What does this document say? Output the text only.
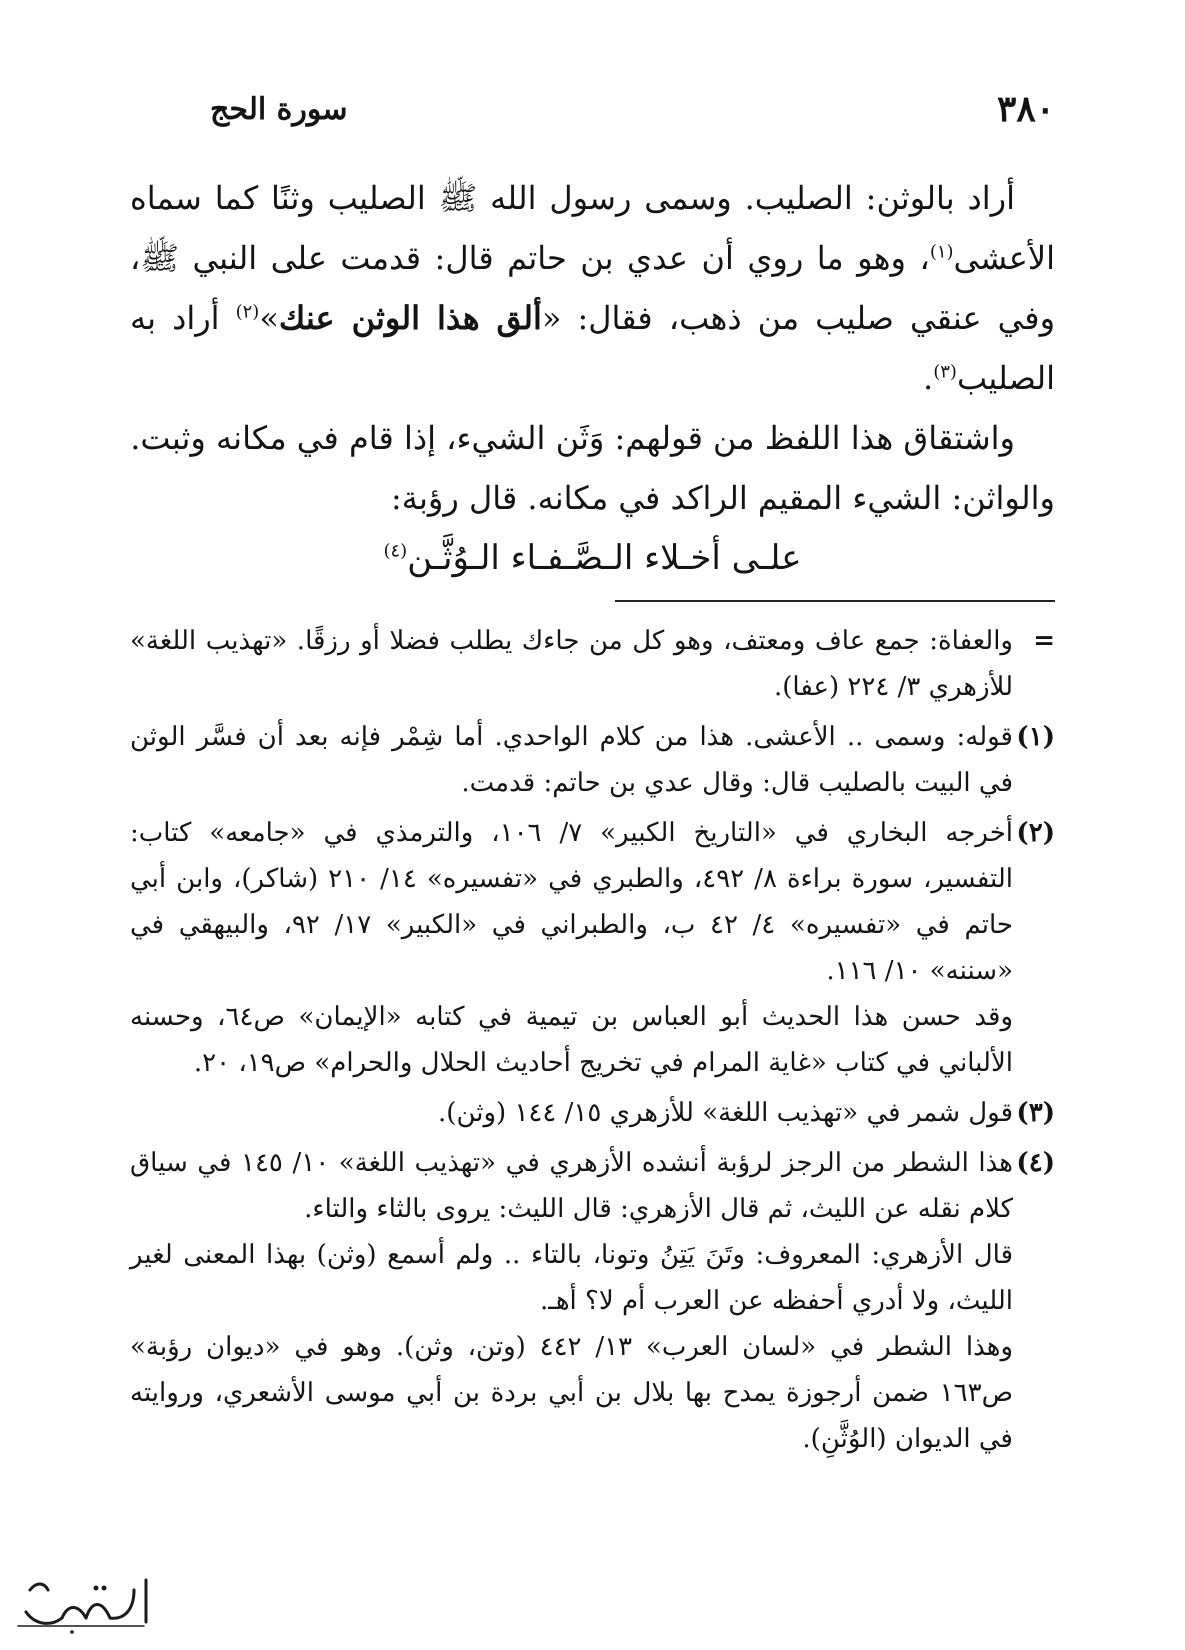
٣٨٠
سورة الحج

أراد بالوثن: الصليب. وسمى رسول الله ﷺ الصليب وثنًا كما سماه الأعشى$^{(١)}$، وهو ما روي أن عدي بن حاتم قال: قدمت على النبي ﷺ، وفي عنقي صليب من ذهب، فقال: «ألق هذا الوثن عنك»$^{(٢)}$ أراد به الصليب$^{(٣)}$.

واشتقاق هذا اللفظ من قولهم: وَثَن الشيء، إذا قام في مكانه وثبت.

والواثن: الشيء المقيم الراكد في مكانه. قال رؤبة:

علـى أخـلاء الـصَّـفـاء الـوُثَّـن$^{(٤)}$

=
والعفاة: جمع عاف ومعتف، وهو كل من جاءك يطلب فضلا أو رزقًا. «تهذيب اللغة» للأزهري ٣/ ٢٢٤ (عفا).
(١)
قوله: وسمى .. الأعشى. هذا من كلام الواحدي. أما شِمْر فإنه بعد أن فسَّر الوثن في البيت بالصليب قال: وقال عدي بن حاتم: قدمت.
(٢)

أخرجه البخاري في «التاريخ الكبير» ٧/ ١٠٦، والترمذي في «جامعه» كتاب: التفسير، سورة براءة ٨/ ٤٩٢، والطبري في «تفسيره» ١٤/ ٢١٠ (شاكر)، وابن أبي حاتم في «تفسيره» ٤/ ٤٢ ب، والطبراني في «الكبير» ١٧/ ٩٢، والبيهقي في «سننه» ١٠/ ١١٦.

وقد حسن هذا الحديث أبو العباس بن تيمية في كتابه «الإيمان» ص٦٤، وحسنه الألباني في كتاب «غاية المرام في تخريج أحاديث الحلال والحرام» ص١٩، ٢٠.

(٣)
قول شمر في «تهذيب اللغة» للأزهري ١٥/ ١٤٤ (وثن).
(٤)

هذا الشطر من الرجز لرؤبة أنشده الأزهري في «تهذيب اللغة» ١٠/ ١٤٥ في سياق كلام نقله عن الليث، ثم قال الأزهري: قال الليث: يروى بالثاء والتاء.

قال الأزهري: المعروف: وتَنَ يَتِنُ وتونا، بالتاء .. ولم أسمع (وثن) بهذا المعنى لغير الليث، ولا أدري أحفظه عن العرب أم لا؟ أهـ.

وهذا الشطر في «لسان العرب» ١٣/ ٤٤٢ (وتن، وثن). وهو في «ديوان رؤبة» ص١٦٣ ضمن أرجوزة يمدح بها بلال بن أبي بردة بن أبي موسى الأشعري، وروايته في الديوان (الوُثَّنِ).
